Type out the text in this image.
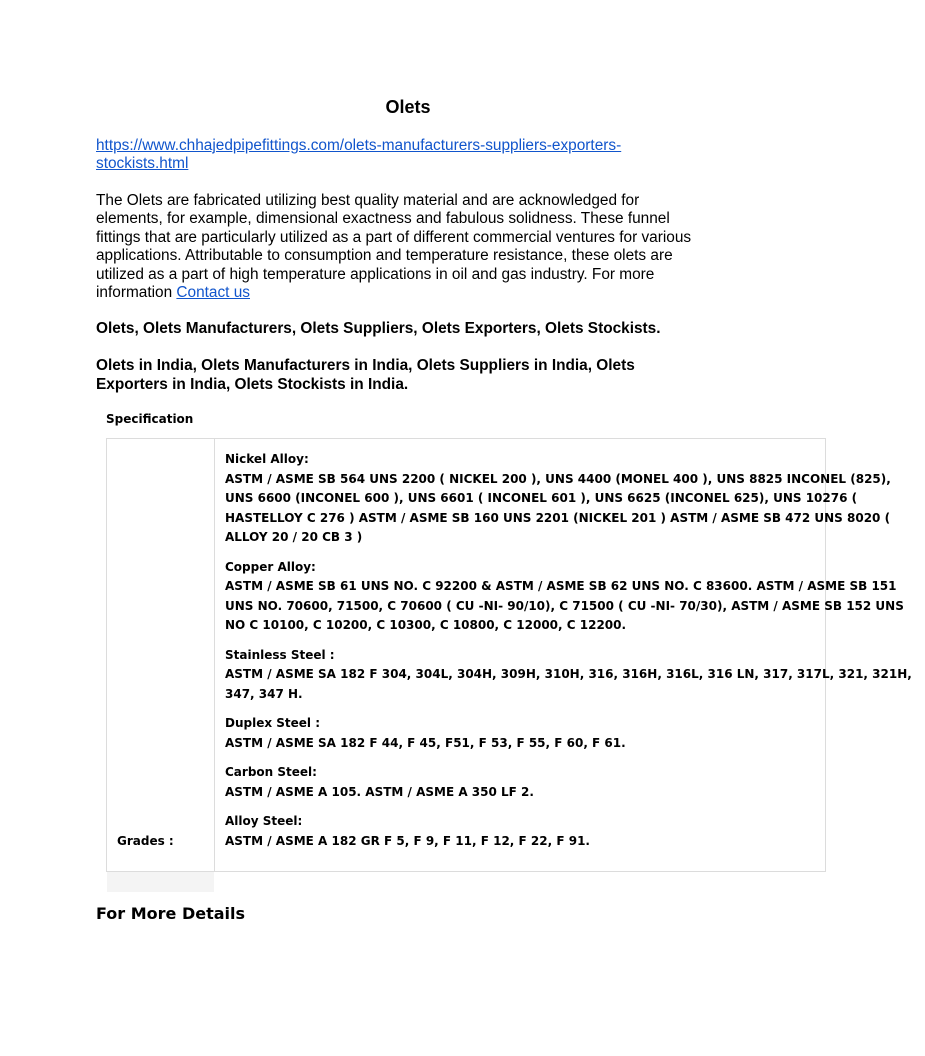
Olets
https://www.chhajedpipefittings.com/olets-manufacturers-suppliers-exporters-
stockists.html
The Olets are fabricated utilizing best quality material and are acknowledged for
elements, for example, dimensional exactness and fabulous solidness. These funnel
fittings that are particularly utilized as a part of different commercial ventures for various
applications. Attributable to consumption and temperature resistance, these olets are
utilized as a part of high temperature applications in oil and gas industry. For more
information Contact us
Olets, Olets Manufacturers, Olets Suppliers, Olets Exporters, Olets Stockists.
Olets in India, Olets Manufacturers in India, Olets Suppliers in India, Olets
Exporters in India, Olets Stockists in India.
Specification
Grades :
Nickel Alloy:
ASTM / ASME SB 564 UNS 2200 ( NICKEL 200 ), UNS 4400 (MONEL 400 ), UNS 8825 INCONEL (825),
UNS 6600 (INCONEL 600 ), UNS 6601 ( INCONEL 601 ), UNS 6625 (INCONEL 625), UNS 10276 (
HASTELLOY C 276 ) ASTM / ASME SB 160 UNS 2201 (NICKEL 201 ) ASTM / ASME SB 472 UNS 8020 (
ALLOY 20 / 20 CB 3 )
Copper Alloy:
ASTM / ASME SB 61 UNS NO. C 92200 & ASTM / ASME SB 62 UNS NO. C 83600. ASTM / ASME SB 151
UNS NO. 70600, 71500, C 70600 ( CU -NI- 90/10), C 71500 ( CU -NI- 70/30), ASTM / ASME SB 152 UNS
NO C 10100, C 10200, C 10300, C 10800, C 12000, C 12200.
Stainless Steel :
ASTM / ASME SA 182 F 304, 304L, 304H, 309H, 310H, 316, 316H, 316L, 316 LN, 317, 317L, 321, 321H,
347, 347 H.
Duplex Steel :
ASTM / ASME SA 182 F 44, F 45, F51, F 53, F 55, F 60, F 61.
Carbon Steel:
ASTM / ASME A 105. ASTM / ASME A 350 LF 2.
Alloy Steel:
ASTM / ASME A 182 GR F 5, F 9, F 11, F 12, F 22, F 91.
For More Details
